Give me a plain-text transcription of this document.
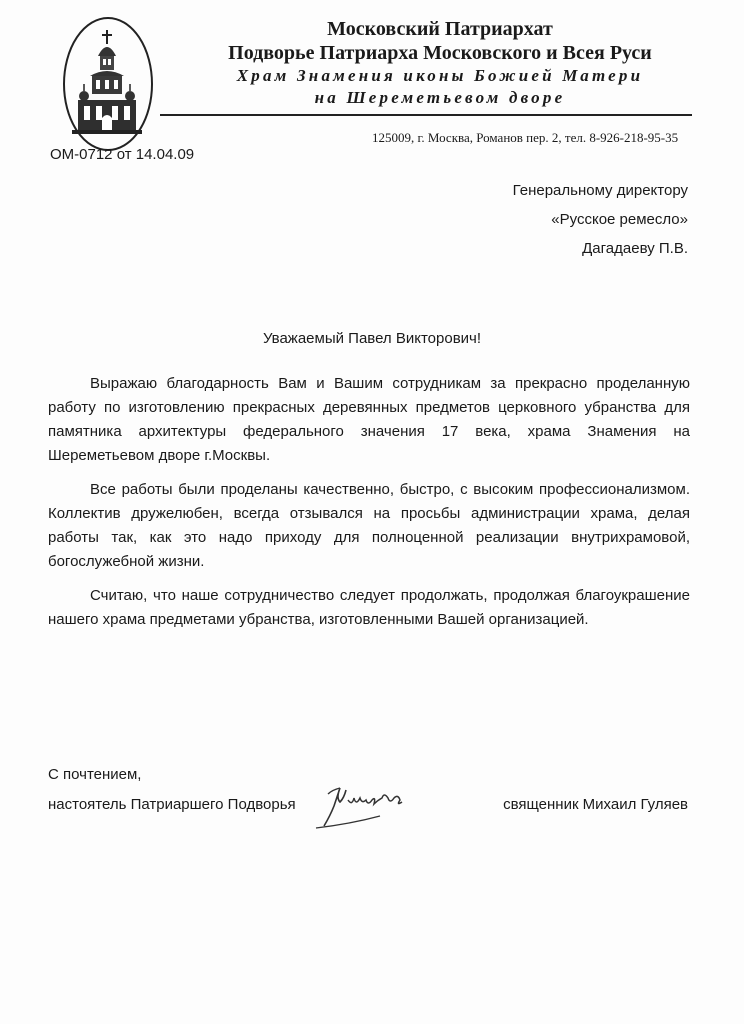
Московский Патриархат
Подворье Патриарха Московского и Всея Руси
Храм Знамения иконы Божией Матери
на Шереметьевом дворе
125009, г. Москва, Романов пер. 2, тел. 8-926-218-95-35
ОМ-0712 от 14.04.09
Генеральному директору
«Русское ремесло»
Дагадаеву П.В.
Уважаемый Павел Викторович!

Выражаю благодарность Вам и Вашим сотрудникам за прекрасно проделанную работу по изготовлению прекрасных деревянных предметов церковного убранства для памятника архитектуры федерального значения 17 века, храма Знамения на Шереметьевом дворе г.Москвы.

Все работы были проделаны качественно, быстро, с высоким профессионализмом. Коллектив дружелюбен, всегда отзывался на просьбы администрации храма, делая работы так, как это надо приходу для полноценной реализации внутрихрамовой, богослужебной жизни.

Считаю, что наше сотрудничество следует продолжать, продолжая благоукрашение нашего храма предметами убранства, изготовленными Вашей организацией.

С почтением,
настоятель Патриаршего Подворья	священник Михаил Гуляев
